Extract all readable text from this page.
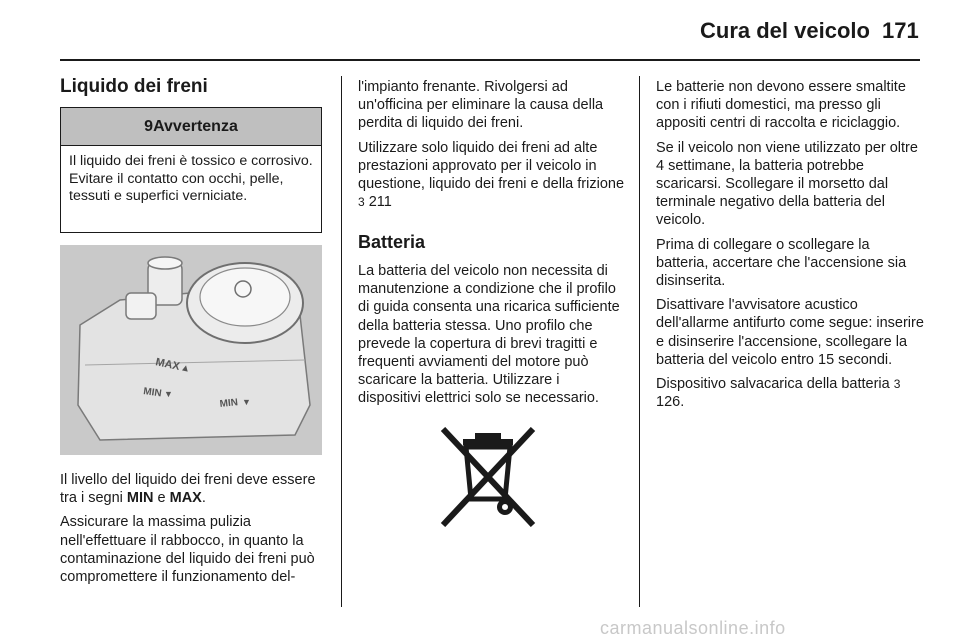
Cura del veicolo 171
Liquido dei freni
9Avvertenza
Il liquido dei freni è tossico e corrosivo. Evitare il contatto con occhi, pelle, tessuti e superfici verniciate.
MAX
▲
MIN ▼
MIN ▼

Il livello del liquido dei freni deve essere tra i segni MIN e MAX.

Assicurare la massima pulizia nell'effettuare il rabbocco, in quanto la contaminazione del liquido dei freni può compromettere il funzionamento del-

l'impianto frenante. Rivolgersi ad un'officina per eliminare la causa della perdita di liquido dei freni.

Utilizzare solo liquido dei freni ad alte prestazioni approvato per il veicolo in questione, liquido dei freni e della frizione 3 211

Batteria

La batteria del veicolo non necessita di manutenzione a condizione che il profilo di guida consenta una ricarica sufficiente della batteria stessa. Uno profilo che prevede la copertura di brevi tragitti e frequenti avviamenti del motore può scaricare la batteria. Utilizzare i dispositivi elettrici solo se necessario.

Le batterie non devono essere smaltite con i rifiuti domestici, ma presso gli appositi centri di raccolta e riciclaggio.

Se il veicolo non viene utilizzato per oltre 4 settimane, la batteria potrebbe scaricarsi. Scollegare il morsetto dal terminale negativo della batteria del veicolo.

Prima di collegare o scollegare la batteria, accertare che l'accensione sia disinserita.

Disattivare l'avvisatore acustico dell'allarme antifurto come segue: inserire e disinserire l'accensione, scollegare la batteria del veicolo entro 15 secondi.

Dispositivo salvacarica della batteria 3 126.

carmanualsonline.info
